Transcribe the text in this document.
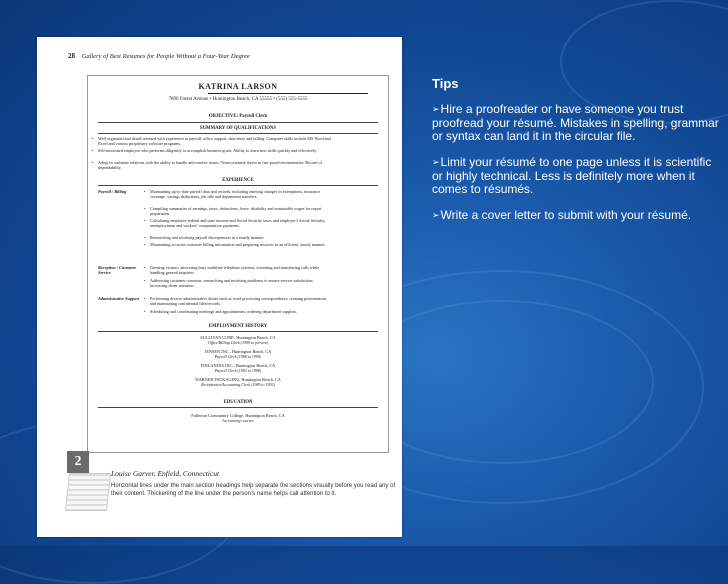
28 Gallery of Best Resumes for People Without a Four-Year Degree
KATRINA LARSON
7890 Forest Avenue • Huntington Beach, CA 55555 • (555) 555-5555
OBJECTIVE: Payroll Clerk
SUMMARY OF QUALIFICATIONS
• Well-organized and detail-oriented with experience in payroll, office support, data entry and billing. Computer skills include MS Word and Excel and various proprietary software programs.
• Self-motivated employee who performs diligently to accomplish business goals. Ability to learn new skills quickly and effectively.
• Adept in customer relations with the ability to handle and resolve issues. Team-oriented; thrive in fast-paced environments. Record of dependability.
EXPERIENCE
Payroll / Billing	• Maintaining up-to-date payroll data and records, including entering changes in exemptions, insurance coverage, savings deductions, job title and department transfers.
• Compiling summaries of earnings, taxes, deductions, leave, disability and nontaxable wages for report preparation.
• Calculating employee federal and state income and Social Security taxes and employer's Social Security, unemployment and workers' compensation payments.
• Researching and resolving payroll discrepancies in a timely manner.
• Maintaining accurate customer billing information and preparing invoices in an efficient, timely manner.
Reception / Customer Service
• Greeting visitors; answering busy multiline telephone systems; screening and transferring calls while handling general inquiries.
• Addressing customer concerns, researching and resolving problems to ensure service satisfaction, increasing client retention.
Administrative Support	• Performing diverse administrative duties such as word processing correspondence, creating presentations and maintaining confidential files/records.
• Scheduling and coordinating meetings and appointments; ordering department supplies.
EMPLOYMENT HISTORY
SULLIVAN CORP., Huntington Beach, CA
Office/Billing Clerk (1999 to present)
JENSEN INC., Huntington Beach, CA
Payroll Clerk (1998 to 1999)
FINLANDIA INC., Huntington Beach, CA
Payroll Clerk (1992 to 1998)
WARNER PACKAGING, Huntington Beach, CA
Receptionist/Accounting Clerk (1989 to 1992)
EDUCATION
Fullerton Community College, Huntington Beach, CA
Accounting courses
2
Louise Garver, Enfield, Connecticut
Horizontal lines under the main section headings help separate the sections visually before you read any of their content. Thickening of the line under the person's name helps call attention to it.
Tips
➢Hire a proofreader or have someone you trust proofread your résumé. Mistakes in spelling, grammar or syntax can land it in the circular file.
➢Limit your résumé to one page unless it is scientific or highly technical. Less is definitely more when it comes to résumés.
➢Write a cover letter to submit with your résumé.
